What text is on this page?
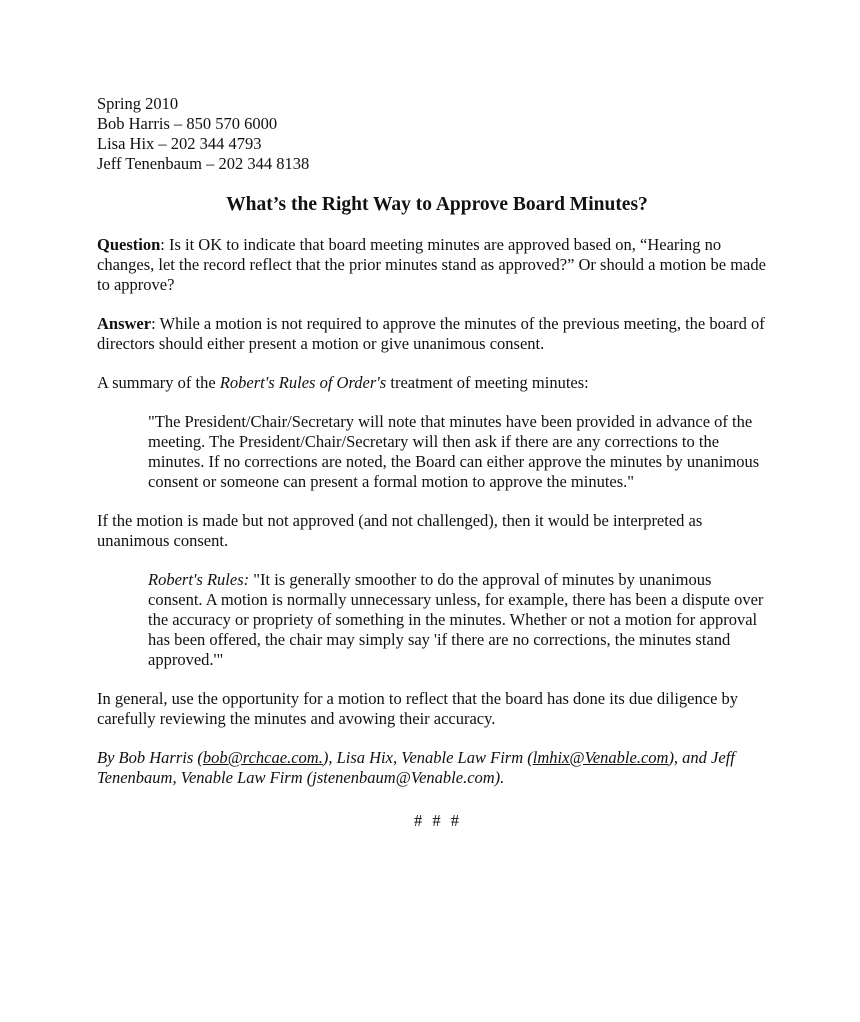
Spring 2010
Bob Harris – 850 570 6000
Lisa Hix – 202 344 4793
Jeff Tenenbaum – 202 344 8138
What’s the Right Way to Approve Board Minutes?

Question: Is it OK to indicate that board meeting minutes are approved based on, “Hearing no changes, let the record reflect that the prior minutes stand as approved?” Or should a motion be made to approve?

Answer: While a motion is not required to approve the minutes of the previous meeting, the board of directors should either present a motion or give unanimous consent.

A summary of the Robert's Rules of Order's treatment of meeting minutes:

"The President/Chair/Secretary will note that minutes have been provided in advance of the meeting. The President/Chair/Secretary will then ask if there are any corrections to the minutes. If no corrections are noted, the Board can either approve the minutes by unanimous consent or someone can present a formal motion to approve the minutes."

If the motion is made but not approved (and not challenged), then it would be interpreted as unanimous consent.

Robert's Rules: "It is generally smoother to do the approval of minutes by unanimous consent. A motion is normally unnecessary unless, for example, there has been a dispute over the accuracy or propriety of something in the minutes. Whether or not a motion for approval has been offered, the chair may simply say 'if there are no corrections, the minutes stand approved.'"

In general, use the opportunity for a motion to reflect that the board has done its due diligence by carefully reviewing the minutes and avowing their accuracy.

By Bob Harris (bob@rchcae.com.), Lisa Hix, Venable Law Firm (lmhix@Venable.com), and Jeff Tenenbaum, Venable Law Firm (jstenenbaum@Venable.com).

# # #
